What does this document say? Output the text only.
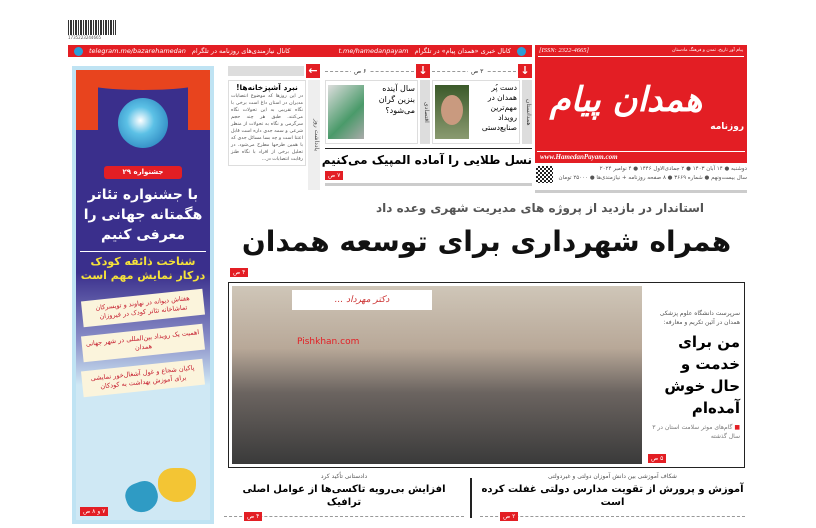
1735223244665
کانال خبری «همدان پیام» در تلگرام
t.me/hamedanpayam
کانال نیازمندی‌های روزنامه در تلگرام
telegram.me/bazarehamedan	[ISSN: 2322-4665]	پیام آور تاریخ، تمدن و فرهنگ مادستان
همدان پیام
روزنامه
www.HamedanPayam.com
دوشنبه ● ۱۴ آبان ۱۴۰۳ ● ۲ جمادی‌الاول ۱۴۴۶ ● ۴ نوامبر ۲۰۲۴
سال بیست‌ونهم ● شماره ۳۶۶۹ ● ۸ صفحه روزنامه + نیازمندی‌ها ● ۲۵۰۰۰ تومان
↓
۳ ص
همدانستان
دست پُر همدان در مهم‌ترین رویداد صنایع‌دستی
↓
۶ ص
اقتصادی
سال آینده بنزین گران می‌شود؟
←
یادداشت روز
نبرد آشپزخانه‌ها!
در این روزها که موضوع انتصابات مدیران در استان داغ است برخی با نگاه تقریبی به این تحولات نگاه می‌کنند. طبق هر چند حجم سرگرمی و نگاه به تحولات از منظر شرعی و سمه جدی داره است قابل اعتنا است و چه بسا مسائل جدی که با همین طرحها مطرح می‌شود. در تحلیل برخی از افراد با نگاه طنز رقابت انتصابات در... نسل طلایی را آماده المپیک می‌کنیم
۷ ص
استاندار در بازدید از پروژه های مدیریت شهری وعده داد
همراه شهرداری برای توسعه همدان
۴ ص
دکتر مهرداد ...
Pishkhan.com
سرپرست دانشگاه علوم پزشکی همدان در آئین تکریم و معارفه:
من برای خدمت و حال خوش آمده‌ام
■ گام‌های موثر سلامت استان در ۳ سال گذشته
۵ ص
شکاف آموزشی بین دانش آموزان دولتی و غیردولتی
آموزش و پرورش از تقویت مدارس دولتی غفلت کرده است
۲ ص
دادستانی تأکید کرد
افزایش بی‌رویه تاکسی‌ها از عوامل اصلی ترافیک
۴ ص
جشنواره ۲۹
با جشنواره تئاتر هگمتانه جهانی را معرفی کنیم
شناخت ذائقه کودک درکار نمایش مهم است
هفتاش دیوانه در نهاوند و تویسرکان تماشاخانه تئاتر کودک در فیروزان
اهمیت یک رویداد بین‌المللی در شهر جهانی همدان
پاکبان شجاع و غول آشغال‌خور نمایشی برای آموزش بهداشت به کودکان
۷ و ۸ ص
